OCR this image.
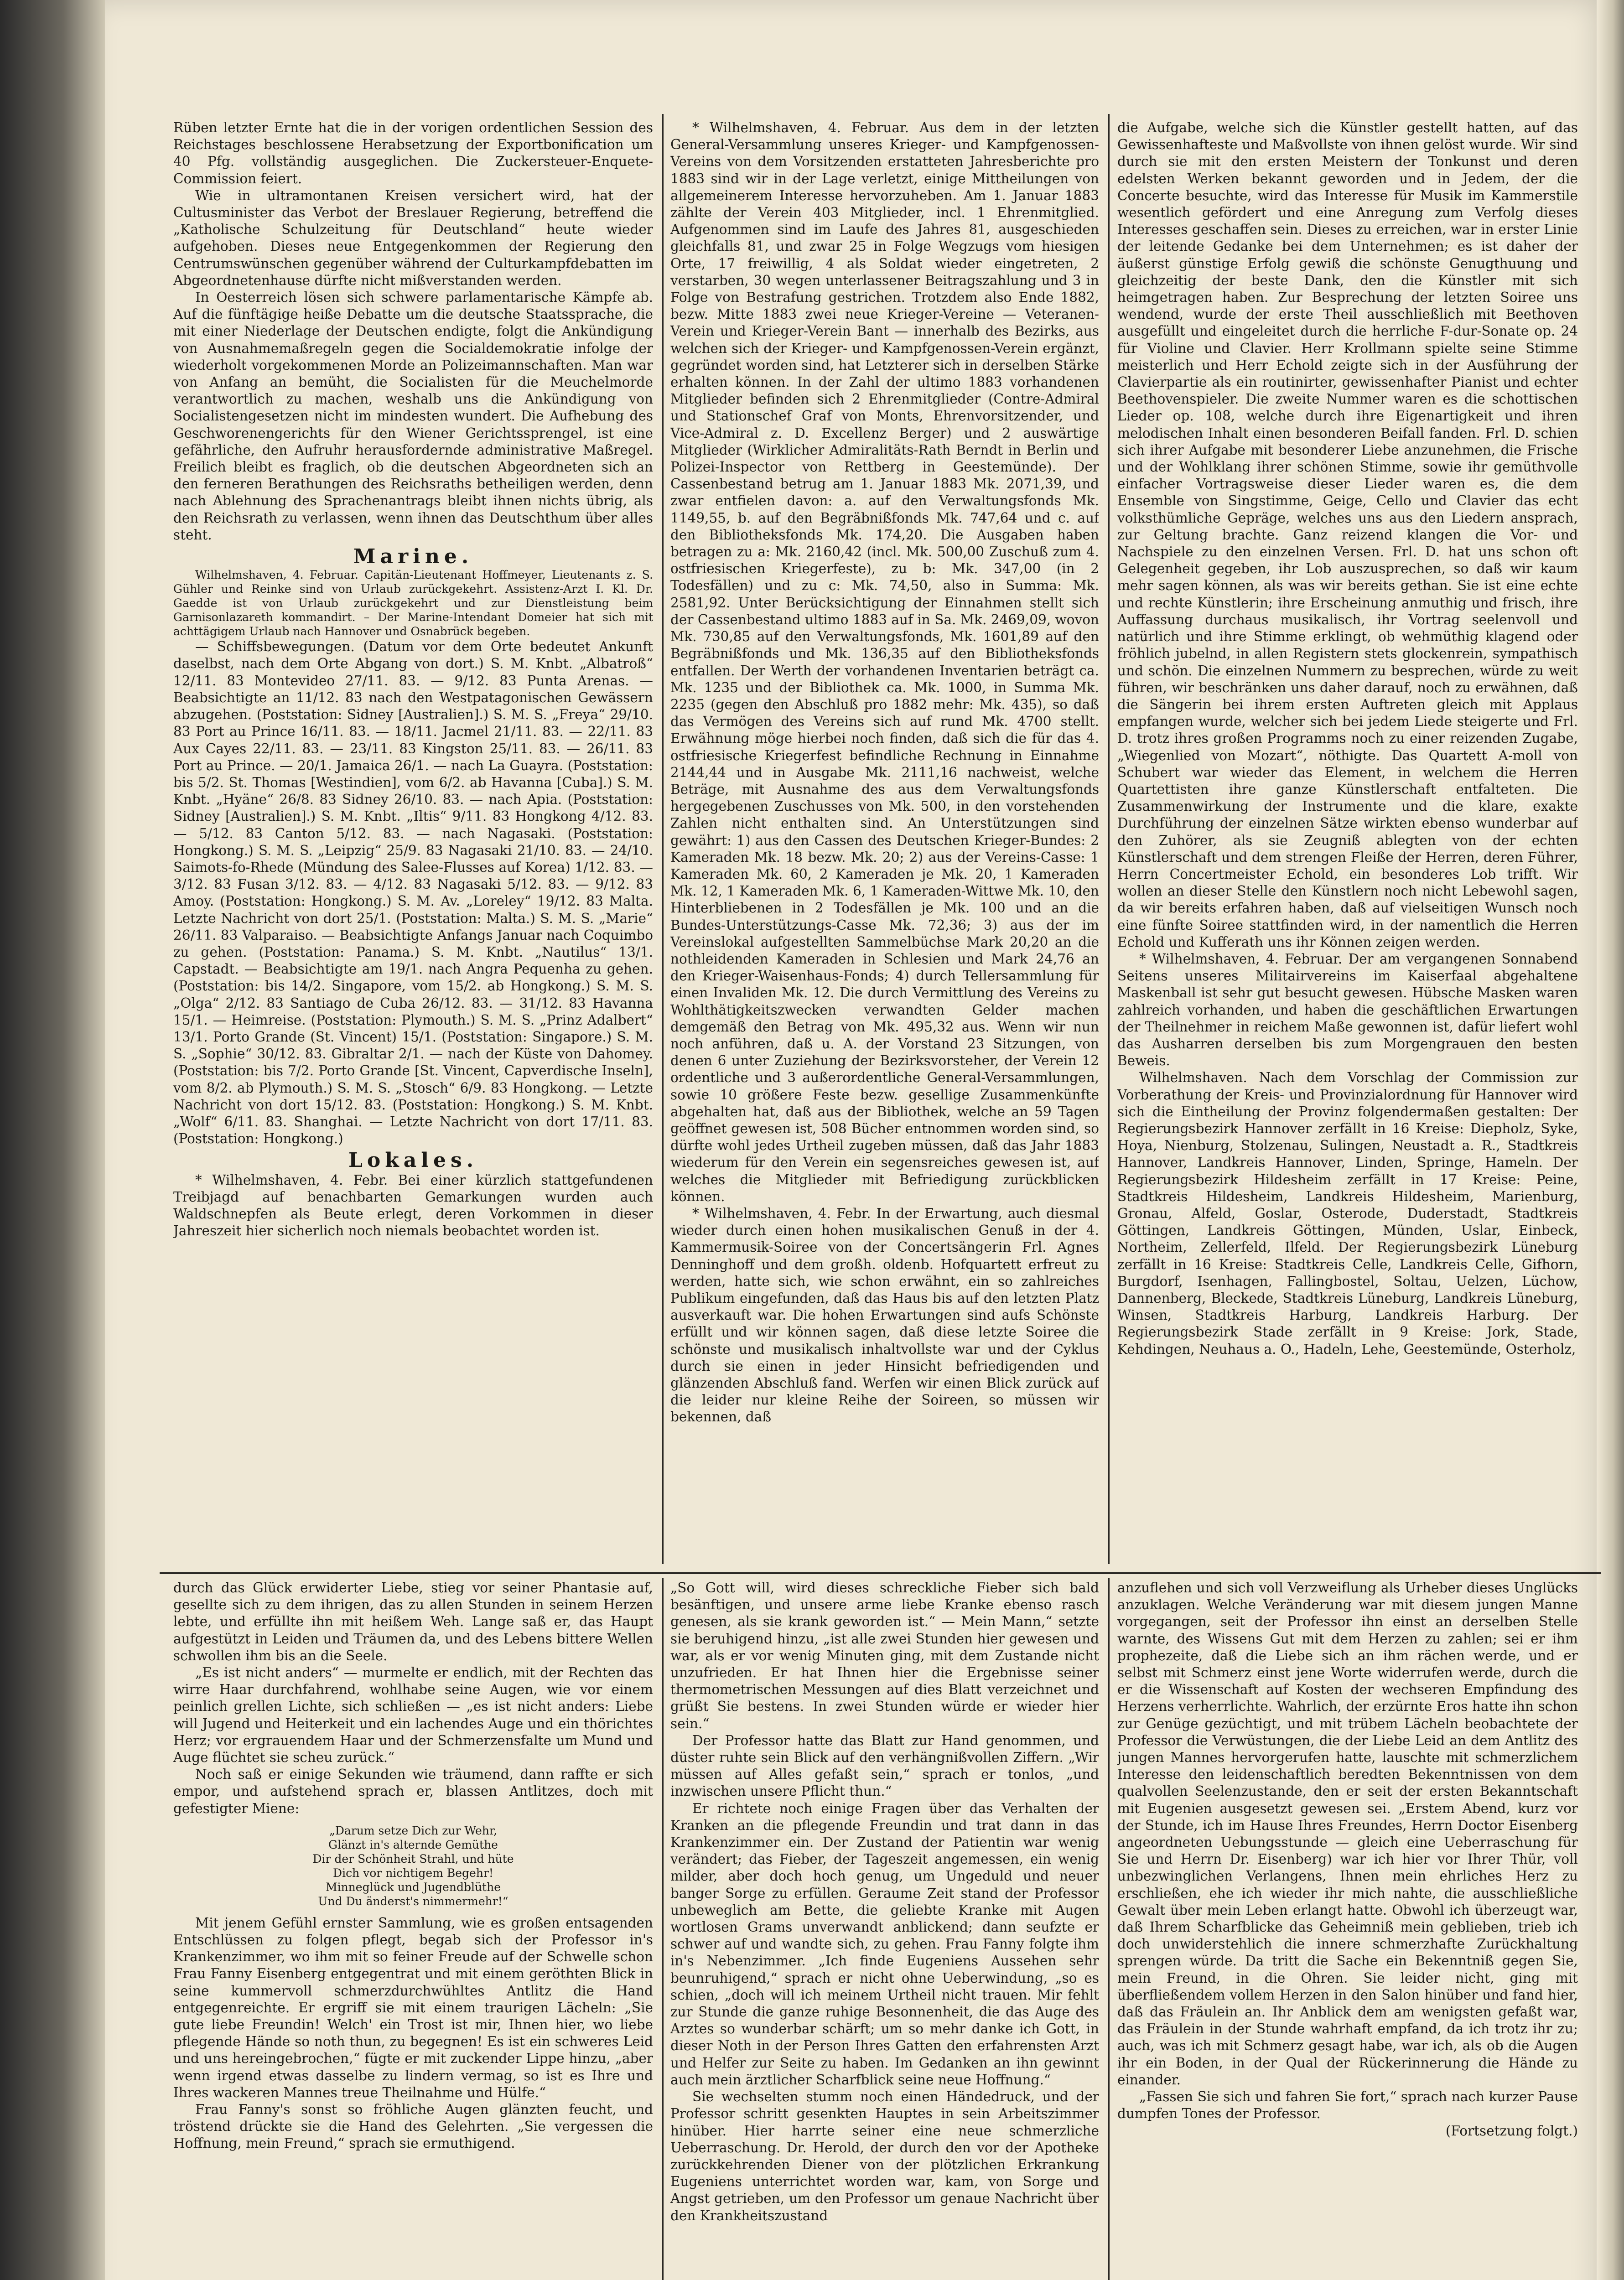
Rüben letzter Ernte hat die in der vorigen ordentlichen Session des Reichstages beschlossene Herabsetzung der Exportbonification um 40 Pfg. vollständig ausgeglichen. Die Zuckersteuer-Enquete-Commission feiert.

Wie in ultramontanen Kreisen versichert wird, hat der Cultusminister das Verbot der Breslauer Regierung, betreffend die „Katholische Schulzeitung für Deutschland“ heute wieder aufgehoben. Dieses neue Entgegenkommen der Regierung den Centrumswünschen gegenüber während der Culturkampfdebatten im Abgeordnetenhause dürfte nicht mißverstanden werden.

In Oesterreich lösen sich schwere parlamentarische Kämpfe ab. Auf die fünftägige heiße Debatte um die deutsche Staatssprache, die mit einer Niederlage der Deutschen endigte, folgt die Ankündigung von Ausnahmemaßregeln gegen die Socialdemokratie infolge der wiederholt vorgekommenen Morde an Polizeimannschaften. Man war von Anfang an bemüht, die Socialisten für die Meuchelmorde verantwortlich zu machen, weshalb uns die Ankündigung von Socialistengesetzen nicht im mindesten wundert. Die Aufhebung des Geschworenengerichts für den Wiener Gerichtssprengel, ist eine gefährliche, den Aufruhr herausfordernde administrative Maßregel. Freilich bleibt es fraglich, ob die deutschen Abgeordneten sich an den ferneren Berathungen des Reichsraths betheiligen werden, denn nach Ablehnung des Sprachenantrags bleibt ihnen nichts übrig, als den Reichsrath zu verlassen, wenn ihnen das Deutschthum über alles steht.

Marine.

Wilhelmshaven, 4. Februar. Capitän-Lieutenant Hoffmeyer, Lieutenants z. S. Gühler und Reinke sind von Urlaub zurückgekehrt. Assistenz-Arzt I. Kl. Dr. Gaedde ist von Urlaub zurückgekehrt und zur Dienstleistung beim Garnisonlazareth kommandirt. – Der Marine-Intendant Domeier hat sich mit achttägigem Urlaub nach Hannover und Osnabrück begeben.

— Schiffsbewegungen. (Datum vor dem Orte bedeutet Ankunft daselbst, nach dem Orte Abgang von dort.) S. M. Knbt. „Albatroß“ 12/11. 83 Montevideo 27/11. 83. — 9/12. 83 Punta Arenas. — Beabsichtigte an 11/12. 83 nach den Westpatagonischen Gewässern abzugehen. (Poststation: Sidney [Australien].) S. M. S. „Freya“ 29/10. 83 Port au Prince 16/11. 83. — 18/11. Jacmel 21/11. 83. — 22/11. 83 Aux Cayes 22/11. 83. — 23/11. 83 Kingston 25/11. 83. — 26/11. 83 Port au Prince. — 20/1. Jamaica 26/1. — nach La Guayra. (Poststation: bis 5/2. St. Thomas [Westindien], vom 6/2. ab Havanna [Cuba].) S. M. Knbt. „Hyäne“ 26/8. 83 Sidney 26/10. 83. — nach Apia. (Poststation: Sidney [Australien].) S. M. Knbt. „Iltis“ 9/11. 83 Hongkong 4/12. 83. — 5/12. 83 Canton 5/12. 83. — nach Nagasaki. (Poststation: Hongkong.) S. M. S. „Leipzig“ 25/9. 83 Nagasaki 21/10. 83. — 24/10. Saimots-fo-Rhede (Mündung des Salee-Flusses auf Korea) 1/12. 83. — 3/12. 83 Fusan 3/12. 83. — 4/12. 83 Nagasaki 5/12. 83. — 9/12. 83 Amoy. (Poststation: Hongkong.) S. M. Av. „Loreley“ 19/12. 83 Malta. Letzte Nachricht von dort 25/1. (Poststation: Malta.) S. M. S. „Marie“ 26/11. 83 Valparaiso. — Beabsichtigte Anfangs Januar nach Coquimbo zu gehen. (Poststation: Panama.) S. M. Knbt. „Nautilus“ 13/1. Capstadt. — Beabsichtigte am 19/1. nach Angra Pequenha zu gehen. (Poststation: bis 14/2. Singapore, vom 15/2. ab Hongkong.) S. M. S. „Olga“ 2/12. 83 Santiago de Cuba 26/12. 83. — 31/12. 83 Havanna 15/1. — Heimreise. (Poststation: Plymouth.) S. M. S. „Prinz Adalbert“ 13/1. Porto Grande (St. Vincent) 15/1. (Poststation: Singapore.) S. M. S. „Sophie“ 30/12. 83. Gibraltar 2/1. — nach der Küste von Dahomey. (Poststation: bis 7/2. Porto Grande [St. Vincent, Capverdische Inseln], vom 8/2. ab Plymouth.) S. M. S. „Stosch“ 6/9. 83 Hongkong. — Letzte Nachricht von dort 15/12. 83. (Poststation: Hongkong.) S. M. Knbt. „Wolf“ 6/11. 83. Shanghai. — Letzte Nachricht von dort 17/11. 83. (Poststation: Hongkong.)

Lokales.

* Wilhelmshaven, 4. Febr. Bei einer kürzlich stattgefundenen Treibjagd auf benachbarten Gemarkungen wurden auch Waldschnepfen als Beute erlegt, deren Vorkommen in dieser Jahreszeit hier sicherlich noch niemals beobachtet worden ist.

* Wilhelmshaven, 4. Februar. Aus dem in der letzten General-Versammlung unseres Krieger- und Kampfgenossen-Vereins von dem Vorsitzenden erstatteten Jahresberichte pro 1883 sind wir in der Lage verletzt, einige Mittheilungen von allgemeinerem Interesse hervorzuheben. Am 1. Januar 1883 zählte der Verein 403 Mitglieder, incl. 1 Ehrenmitglied. Aufgenommen sind im Laufe des Jahres 81, ausgeschieden gleichfalls 81, und zwar 25 in Folge Wegzugs vom hiesigen Orte, 17 freiwillig, 4 als Soldat wieder eingetreten, 2 verstarben, 30 wegen unterlassener Beitragszahlung und 3 in Folge von Bestrafung gestrichen. Trotzdem also Ende 1882, bezw. Mitte 1883 zwei neue Krieger-Vereine — Veteranen-Verein und Krieger-Verein Bant — innerhalb des Bezirks, aus welchen sich der Krieger- und Kampfgenossen-Verein ergänzt, gegründet worden sind, hat Letzterer sich in derselben Stärke erhalten können. In der Zahl der ultimo 1883 vorhandenen Mitglieder befinden sich 2 Ehrenmitglieder (Contre-Admiral und Stationschef Graf von Monts, Ehrenvorsitzender, und Vice-Admiral z. D. Excellenz Berger) und 2 auswärtige Mitglieder (Wirklicher Admiralitäts-Rath Berndt in Berlin und Polizei-Inspector von Rettberg in Geestemünde). Der Cassenbestand betrug am 1. Januar 1883 Mk. 2071,39, und zwar entfielen davon: a. auf den Verwaltungsfonds Mk. 1149,55, b. auf den Begräbnißfonds Mk. 747,64 und c. auf den Bibliotheksfonds Mk. 174,20. Die Ausgaben haben betragen zu a: Mk. 2160,42 (incl. Mk. 500,00 Zuschuß zum 4. ostfriesischen Kriegerfeste), zu b: Mk. 347,00 (in 2 Todesfällen) und zu c: Mk. 74,50, also in Summa: Mk. 2581,92. Unter Berücksichtigung der Einnahmen stellt sich der Cassenbestand ultimo 1883 auf in Sa. Mk. 2469,09, wovon Mk. 730,85 auf den Verwaltungsfonds, Mk. 1601,89 auf den Begräbnißfonds und Mk. 136,35 auf den Bibliotheksfonds entfallen. Der Werth der vorhandenen Inventarien beträgt ca. Mk. 1235 und der Bibliothek ca. Mk. 1000, in Summa Mk. 2235 (gegen den Abschluß pro 1882 mehr: Mk. 435), so daß das Vermögen des Vereins sich auf rund Mk. 4700 stellt. Erwähnung möge hierbei noch finden, daß sich die für das 4. ostfriesische Kriegerfest befindliche Rechnung in Einnahme 2144,44 und in Ausgabe Mk. 2111,16 nachweist, welche Beträge, mit Ausnahme des aus dem Verwaltungsfonds hergegebenen Zuschusses von Mk. 500, in den vorstehenden Zahlen nicht enthalten sind. An Unterstützungen sind gewährt: 1) aus den Cassen des Deutschen Krieger-Bundes: 2 Kameraden Mk. 18 bezw. Mk. 20; 2) aus der Vereins-Casse: 1 Kameraden Mk. 60, 2 Kameraden je Mk. 20, 1 Kameraden Mk. 12, 1 Kameraden Mk. 6, 1 Kameraden-Wittwe Mk. 10, den Hinterbliebenen in 2 Todesfällen je Mk. 100 und an die Bundes-Unterstützungs-Casse Mk. 72,36; 3) aus der im Vereinslokal aufgestellten Sammelbüchse Mark 20,20 an die nothleidenden Kameraden in Schlesien und Mark 24,76 an den Krieger-Waisenhaus-Fonds; 4) durch Tellersammlung für einen Invaliden Mk. 12. Die durch Vermittlung des Vereins zu Wohlthätigkeitszwecken verwandten Gelder machen demgemäß den Betrag von Mk. 495,32 aus. Wenn wir nun noch anführen, daß u. A. der Vorstand 23 Sitzungen, von denen 6 unter Zuziehung der Bezirksvorsteher, der Verein 12 ordentliche und 3 außerordentliche General-Versammlungen, sowie 10 größere Feste bezw. gesellige Zusammenkünfte abgehalten hat, daß aus der Bibliothek, welche an 59 Tagen geöffnet gewesen ist, 508 Bücher entnommen worden sind, so dürfte wohl jedes Urtheil zugeben müssen, daß das Jahr 1883 wiederum für den Verein ein segensreiches gewesen ist, auf welches die Mitglieder mit Befriedigung zurückblicken können.

* Wilhelmshaven, 4. Febr. In der Erwartung, auch diesmal wieder durch einen hohen musikalischen Genuß in der 4. Kammermusik-Soiree von der Concertsängerin Frl. Agnes Denninghoff und dem großh. oldenb. Hofquartett erfreut zu werden, hatte sich, wie schon erwähnt, ein so zahlreiches Publikum eingefunden, daß das Haus bis auf den letzten Platz ausverkauft war. Die hohen Erwartungen sind aufs Schönste erfüllt und wir können sagen, daß diese letzte Soiree die schönste und musikalisch inhaltvollste war und der Cyklus durch sie einen in jeder Hinsicht befriedigenden und glänzenden Abschluß fand. Werfen wir einen Blick zurück auf die leider nur kleine Reihe der Soireen, so müssen wir bekennen, daß

die Aufgabe, welche sich die Künstler gestellt hatten, auf das Gewissenhafteste und Maßvollste von ihnen gelöst wurde. Wir sind durch sie mit den ersten Meistern der Tonkunst und deren edelsten Werken bekannt geworden und in Jedem, der die Concerte besuchte, wird das Interesse für Musik im Kammerstile wesentlich gefördert und eine Anregung zum Verfolg dieses Interesses geschaffen sein. Dieses zu erreichen, war in erster Linie der leitende Gedanke bei dem Unternehmen; es ist daher der äußerst günstige Erfolg gewiß die schönste Genugthuung und gleichzeitig der beste Dank, den die Künstler mit sich heimgetragen haben. Zur Besprechung der letzten Soiree uns wendend, wurde der erste Theil ausschließlich mit Beethoven ausgefüllt und eingeleitet durch die herrliche F-dur-Sonate op. 24 für Violine und Clavier. Herr Krollmann spielte seine Stimme meisterlich und Herr Echold zeigte sich in der Ausführung der Clavierpartie als ein routinirter, gewissenhafter Pianist und echter Beethovenspieler. Die zweite Nummer waren es die schottischen Lieder op. 108, welche durch ihre Eigenartigkeit und ihren melodischen Inhalt einen besonderen Beifall fanden. Frl. D. schien sich ihrer Aufgabe mit besonderer Liebe anzunehmen, die Frische und der Wohlklang ihrer schönen Stimme, sowie ihr gemüthvolle einfacher Vortragsweise dieser Lieder waren es, die dem Ensemble von Singstimme, Geige, Cello und Clavier das echt volksthümliche Gepräge, welches uns aus den Liedern ansprach, zur Geltung brachte. Ganz reizend klangen die Vor- und Nachspiele zu den einzelnen Versen. Frl. D. hat uns schon oft Gelegenheit gegeben, ihr Lob auszusprechen, so daß wir kaum mehr sagen können, als was wir bereits gethan. Sie ist eine echte und rechte Künstlerin; ihre Erscheinung anmuthig und frisch, ihre Auffassung durchaus musikalisch, ihr Vortrag seelenvoll und natürlich und ihre Stimme erklingt, ob wehmüthig klagend oder fröhlich jubelnd, in allen Registern stets glockenrein, sympathisch und schön. Die einzelnen Nummern zu besprechen, würde zu weit führen, wir beschränken uns daher darauf, noch zu erwähnen, daß die Sängerin bei ihrem ersten Auftreten gleich mit Applaus empfangen wurde, welcher sich bei jedem Liede steigerte und Frl. D. trotz ihres großen Programms noch zu einer reizenden Zugabe, „Wiegenlied von Mozart“, nöthigte. Das Quartett A-moll von Schubert war wieder das Element, in welchem die Herren Quartettisten ihre ganze Künstlerschaft entfalteten. Die Zusammenwirkung der Instrumente und die klare, exakte Durchführung der einzelnen Sätze wirkten ebenso wunderbar auf den Zuhörer, als sie Zeugniß ablegten von der echten Künstlerschaft und dem strengen Fleiße der Herren, deren Führer, Herrn Concertmeister Echold, ein besonderes Lob trifft. Wir wollen an dieser Stelle den Künstlern noch nicht Lebewohl sagen, da wir bereits erfahren haben, daß auf vielseitigen Wunsch noch eine fünfte Soiree stattfinden wird, in der namentlich die Herren Echold und Kufferath uns ihr Können zeigen werden.

* Wilhelmshaven, 4. Februar. Der am vergangenen Sonnabend Seitens unseres Militairvereins im Kaiserfaal abgehaltene Maskenball ist sehr gut besucht gewesen. Hübsche Masken waren zahlreich vorhanden, und haben die geschäftlichen Erwartungen der Theilnehmer in reichem Maße gewonnen ist, dafür liefert wohl das Ausharren derselben bis zum Morgengrauen den besten Beweis.

Wilhelmshaven. Nach dem Vorschlag der Commission zur Vorberathung der Kreis- und Provinzialordnung für Hannover wird sich die Eintheilung der Provinz folgendermaßen gestalten: Der Regierungsbezirk Hannover zerfällt in 16 Kreise: Diepholz, Syke, Hoya, Nienburg, Stolzenau, Sulingen, Neustadt a. R., Stadtkreis Hannover, Landkreis Hannover, Linden, Springe, Hameln. Der Regierungsbezirk Hildesheim zerfällt in 17 Kreise: Peine, Stadtkreis Hildesheim, Landkreis Hildesheim, Marienburg, Gronau, Alfeld, Goslar, Osterode, Duderstadt, Stadtkreis Göttingen, Landkreis Göttingen, Münden, Uslar, Einbeck, Northeim, Zellerfeld, Ilfeld. Der Regierungsbezirk Lüneburg zerfällt in 16 Kreise: Stadtkreis Celle, Landkreis Celle, Gifhorn, Burgdorf, Isenhagen, Fallingbostel, Soltau, Uelzen, Lüchow, Dannenberg, Bleckede, Stadtkreis Lüneburg, Landkreis Lüneburg, Winsen, Stadtkreis Harburg, Landkreis Harburg. Der Regierungsbezirk Stade zerfällt in 9 Kreise: Jork, Stade, Kehdingen, Neuhaus a. O., Hadeln, Lehe, Geestemünde, Osterholz,

durch das Glück erwiderter Liebe, stieg vor seiner Phantasie auf, gesellte sich zu dem ihrigen, das zu allen Stunden in seinem Herzen lebte, und erfüllte ihn mit heißem Weh. Lange saß er, das Haupt aufgestützt in Leiden und Träumen da, und des Lebens bittere Wellen schwollen ihm bis an die Seele.

„Es ist nicht anders“ — murmelte er endlich, mit der Rechten das wirre Haar durchfahrend, wohlhabe seine Augen, wie vor einem peinlich grellen Lichte, sich schließen — „es ist nicht anders: Liebe will Jugend und Heiterkeit und ein lachendes Auge und ein thörichtes Herz; vor ergrauendem Haar und der Schmerzensfalte um Mund und Auge flüchtet sie scheu zurück.“

Noch saß er einige Sekunden wie träumend, dann raffte er sich empor, und aufstehend sprach er, blassen Antlitzes, doch mit gefestigter Miene:

„Darum setze Dich zur Wehr,
Glänzt in's alternde Gemüthe
Dir der Schönheit Strahl, und hüte
Dich vor nichtigem Begehr!
Minneglück und Jugendblüthe
Und Du änderst's nimmermehr!“

Mit jenem Gefühl ernster Sammlung, wie es großen entsagenden Entschlüssen zu folgen pflegt, begab sich der Professor in's Krankenzimmer, wo ihm mit so feiner Freude auf der Schwelle schon Frau Fanny Eisenberg entgegentrat und mit einem geröthten Blick in seine kummervoll schmerzdurchwühltes Antlitz die Hand entgegenreichte. Er ergriff sie mit einem traurigen Lächeln: „Sie gute liebe Freundin! Welch' ein Trost ist mir, Ihnen hier, wo liebe pflegende Hände so noth thun, zu begegnen! Es ist ein schweres Leid und uns hereingebrochen,“ fügte er mit zuckender Lippe hinzu, „aber wenn irgend etwas dasselbe zu lindern vermag, so ist es Ihre und Ihres wackeren Mannes treue Theilnahme und Hülfe.“

Frau Fanny's sonst so fröhliche Augen glänzten feucht, und tröstend drückte sie die Hand des Gelehrten. „Sie vergessen die Hoffnung, mein Freund,“ sprach sie ermuthigend.

„So Gott will, wird dieses schreckliche Fieber sich bald besänftigen, und unsere arme liebe Kranke ebenso rasch genesen, als sie krank geworden ist.“ — Mein Mann,“ setzte sie beruhigend hinzu, „ist alle zwei Stunden hier gewesen und war, als er vor wenig Minuten ging, mit dem Zustande nicht unzufrieden. Er hat Ihnen hier die Ergebnisse seiner thermometrischen Messungen auf dies Blatt verzeichnet und grüßt Sie bestens. In zwei Stunden würde er wieder hier sein.“

Der Professor hatte das Blatt zur Hand genommen, und düster ruhte sein Blick auf den verhängnißvollen Ziffern. „Wir müssen auf Alles gefaßt sein,“ sprach er tonlos, „und inzwischen unsere Pflicht thun.“

Er richtete noch einige Fragen über das Verhalten der Kranken an die pflegende Freundin und trat dann in das Krankenzimmer ein. Der Zustand der Patientin war wenig verändert; das Fieber, der Tageszeit angemessen, ein wenig milder, aber doch hoch genug, um Ungeduld und neuer banger Sorge zu erfüllen. Geraume Zeit stand der Professor unbeweglich am Bette, die geliebte Kranke mit Augen wortlosen Grams unverwandt anblickend; dann seufzte er schwer auf und wandte sich, zu gehen. Frau Fanny folgte ihm in's Nebenzimmer. „Ich finde Eugeniens Aussehen sehr beunruhigend,“ sprach er nicht ohne Ueberwindung, „so es schien, „doch will ich meinem Urtheil nicht trauen. Mir fehlt zur Stunde die ganze ruhige Besonnenheit, die das Auge des Arztes so wunderbar schärft; um so mehr danke ich Gott, in dieser Noth in der Person Ihres Gatten den erfahrensten Arzt und Helfer zur Seite zu haben. Im Gedanken an ihn gewinnt auch mein ärztlicher Scharfblick seine neue Hoffnung.“

Sie wechselten stumm noch einen Händedruck, und der Professor schritt gesenkten Hauptes in sein Arbeitszimmer hinüber. Hier harrte seiner eine neue schmerzliche Ueberraschung. Dr. Herold, der durch den vor der Apotheke zurückkehrenden Diener von der plötzlichen Erkrankung Eugeniens unterrichtet worden war, kam, von Sorge und Angst getrieben, um den Professor um genaue Nachricht über den Krankheitszustand

anzuflehen und sich voll Verzweiflung als Urheber dieses Unglücks anzuklagen. Welche Veränderung war mit diesem jungen Manne vorgegangen, seit der Professor ihn einst an derselben Stelle warnte, des Wissens Gut mit dem Herzen zu zahlen; sei er ihm prophezeite, daß die Liebe sich an ihm rächen werde, und er selbst mit Schmerz einst jene Worte widerrufen werde, durch die er die Wissenschaft auf Kosten der wechseren Empfindung des Herzens verherrlichte. Wahrlich, der erzürnte Eros hatte ihn schon zur Genüge gezüchtigt, und mit trübem Lächeln beobachtete der Professor die Verwüstungen, die der Liebe Leid an dem Antlitz des jungen Mannes hervorgerufen hatte, lauschte mit schmerzlichem Interesse den leidenschaftlich beredten Bekenntnissen von dem qualvollen Seelenzustande, den er seit der ersten Bekanntschaft mit Eugenien ausgesetzt gewesen sei. „Erstem Abend, kurz vor der Stunde, ich im Hause Ihres Freundes, Herrn Doctor Eisenberg angeordneten Uebungsstunde — gleich eine Ueberraschung für Sie und Herrn Dr. Eisenberg) war ich hier vor Ihrer Thür, voll unbezwinglichen Verlangens, Ihnen mein ehrliches Herz zu erschließen, ehe ich wieder ihr mich nahte, die ausschließliche Gewalt über mein Leben erlangt hatte. Obwohl ich überzeugt war, daß Ihrem Scharfblicke das Geheimniß mein geblieben, trieb ich doch unwiderstehlich die innere schmerzhafte Zurückhaltung sprengen würde. Da tritt die Sache ein Bekenntniß gegen Sie, mein Freund, in die Ohren. Sie leider nicht, ging mit überfließendem vollem Herzen in den Salon hinüber und fand hier, daß das Fräulein an. Ihr Anblick dem am wenigsten gefaßt war, das Fräulein in der Stunde wahrhaft empfand, da ich trotz ihr zu; auch, was ich mit Schmerz gesagt habe, war ich, als ob die Augen ihr ein Boden, in der Qual der Rückerinnerung die Hände zu einander.

„Fassen Sie sich und fahren Sie fort,“ sprach nach kurzer Pause dumpfen Tones der Professor.

(Fortsetzung folgt.)
